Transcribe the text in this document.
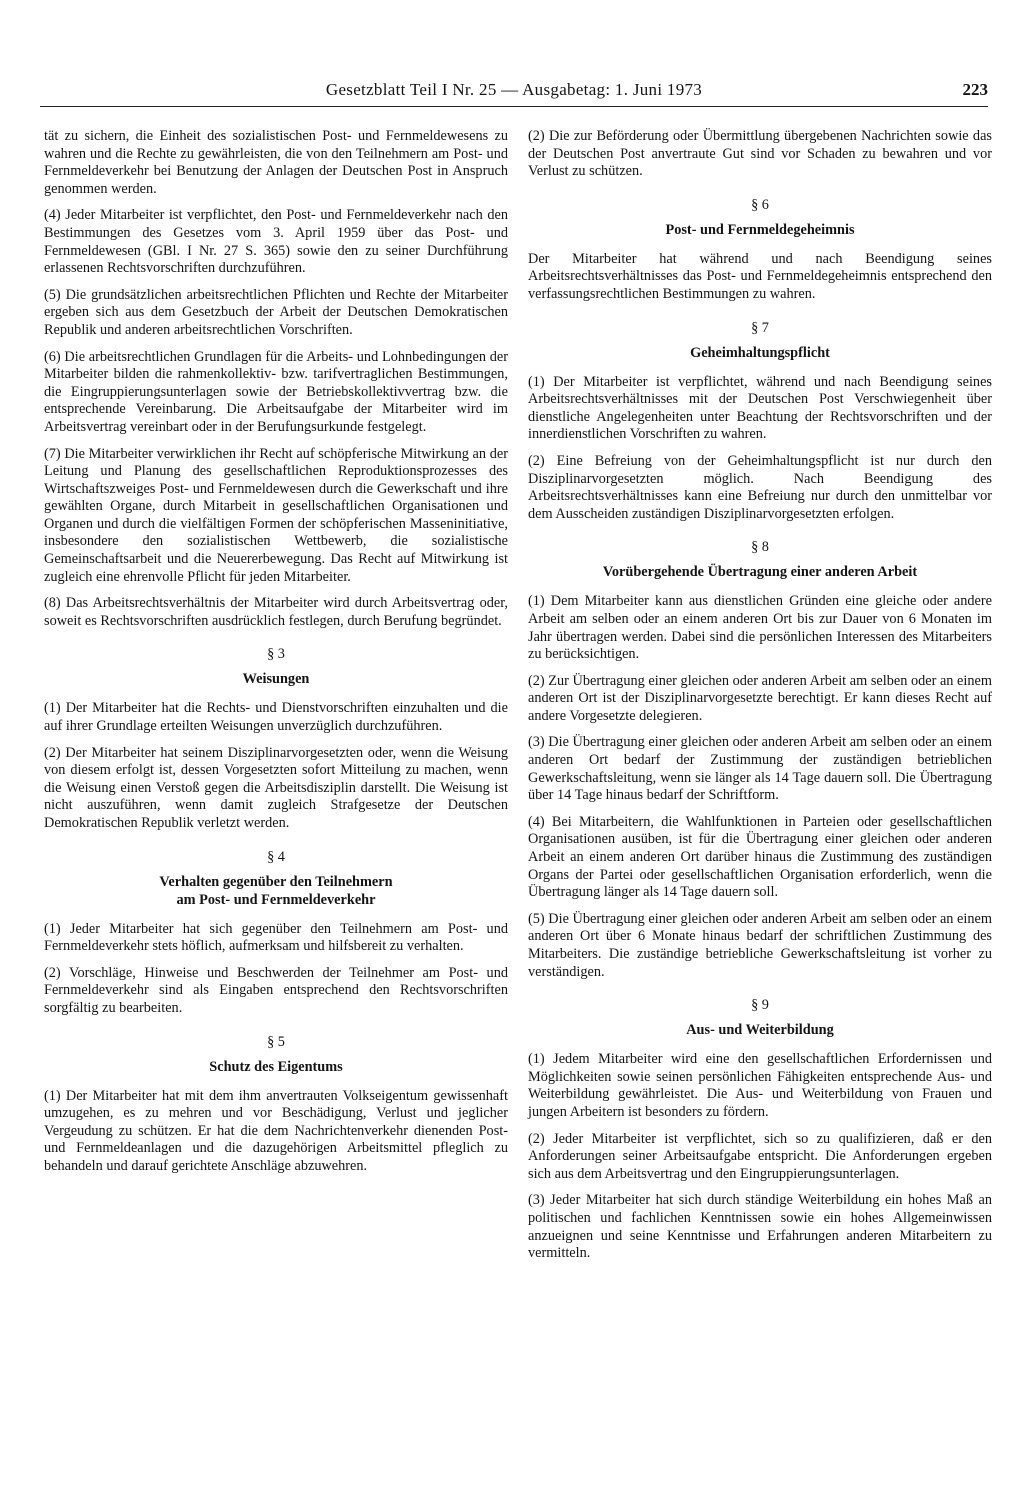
Gesetzblatt Teil I Nr. 25 — Ausgabetag: 1. Juni 1973	223

tät zu sichern, die Einheit des sozialistischen Post- und Fernmeldewesens zu wahren und die Rechte zu gewährleisten, die von den Teilnehmern am Post- und Fernmeldeverkehr bei Benutzung der Anlagen der Deutschen Post in Anspruch genommen werden.

(4) Jeder Mitarbeiter ist verpflichtet, den Post- und Fernmeldeverkehr nach den Bestimmungen des Gesetzes vom 3. April 1959 über das Post- und Fernmeldewesen (GBl. I Nr. 27 S. 365) sowie den zu seiner Durchführung erlassenen Rechtsvorschriften durchzuführen.

(5) Die grundsätzlichen arbeitsrechtlichen Pflichten und Rechte der Mitarbeiter ergeben sich aus dem Gesetzbuch der Arbeit der Deutschen Demokratischen Republik und anderen arbeitsrechtlichen Vorschriften.

(6) Die arbeitsrechtlichen Grundlagen für die Arbeits- und Lohnbedingungen der Mitarbeiter bilden die rahmenkollektiv- bzw. tarifvertraglichen Bestimmungen, die Eingruppierungsunterlagen sowie der Betriebskollektivvertrag bzw. die entsprechende Vereinbarung. Die Arbeitsaufgabe der Mitarbeiter wird im Arbeitsvertrag vereinbart oder in der Berufungsurkunde festgelegt.

(7) Die Mitarbeiter verwirklichen ihr Recht auf schöpferische Mitwirkung an der Leitung und Planung des gesellschaftlichen Reproduktionsprozesses des Wirtschaftszweiges Post- und Fernmeldewesen durch die Gewerkschaft und ihre gewählten Organe, durch Mitarbeit in gesellschaftlichen Organisationen und Organen und durch die vielfältigen Formen der schöpferischen Masseninitiative, insbesondere den sozialistischen Wettbewerb, die sozialistische Gemeinschaftsarbeit und die Neuererbewegung. Das Recht auf Mitwirkung ist zugleich eine ehrenvolle Pflicht für jeden Mitarbeiter.

(8) Das Arbeitsrechtsverhältnis der Mitarbeiter wird durch Arbeitsvertrag oder, soweit es Rechtsvorschriften ausdrücklich festlegen, durch Berufung begründet.

§ 3
Weisungen

(1) Der Mitarbeiter hat die Rechts- und Dienstvorschriften einzuhalten und die auf ihrer Grundlage erteilten Weisungen unverzüglich durchzuführen.

(2) Der Mitarbeiter hat seinem Disziplinarvorgesetzten oder, wenn die Weisung von diesem erfolgt ist, dessen Vorgesetzten sofort Mitteilung zu machen, wenn die Weisung einen Verstoß gegen die Arbeitsdisziplin darstellt. Die Weisung ist nicht auszuführen, wenn damit zugleich Strafgesetze der Deutschen Demokratischen Republik verletzt werden.

§ 4
Verhalten gegenüber den Teilnehmern
am Post- und Fernmeldeverkehr

(1) Jeder Mitarbeiter hat sich gegenüber den Teilnehmern am Post- und Fernmeldeverkehr stets höflich, aufmerksam und hilfsbereit zu verhalten.

(2) Vorschläge, Hinweise und Beschwerden der Teilnehmer am Post- und Fernmeldeverkehr sind als Eingaben entsprechend den Rechtsvorschriften sorgfältig zu bearbeiten.

§ 5
Schutz des Eigentums

(1) Der Mitarbeiter hat mit dem ihm anvertrauten Volkseigentum gewissenhaft umzugehen, es zu mehren und vor Beschädigung, Verlust und jeglicher Vergeudung zu schützen. Er hat die dem Nachrichtenverkehr dienenden Post- und Fernmeldeanlagen und die dazugehörigen Arbeitsmittel pfleglich zu behandeln und darauf gerichtete Anschläge abzuwehren.

(2) Die zur Beförderung oder Übermittlung übergebenen Nachrichten sowie das der Deutschen Post anvertraute Gut sind vor Schaden zu bewahren und vor Verlust zu schützen.

§ 6
Post- und Fernmeldegeheimnis

Der Mitarbeiter hat während und nach Beendigung seines Arbeitsrechtsverhältnisses das Post- und Fernmeldegeheimnis entsprechend den verfassungsrechtlichen Bestimmungen zu wahren.

§ 7
Geheimhaltungspflicht

(1) Der Mitarbeiter ist verpflichtet, während und nach Beendigung seines Arbeitsrechtsverhältnisses mit der Deutschen Post Verschwiegenheit über dienstliche Angelegenheiten unter Beachtung der Rechtsvorschriften und der innerdienstlichen Vorschriften zu wahren.

(2) Eine Befreiung von der Geheimhaltungspflicht ist nur durch den Disziplinarvorgesetzten möglich. Nach Beendigung des Arbeitsrechtsverhältnisses kann eine Befreiung nur durch den unmittelbar vor dem Ausscheiden zuständigen Disziplinarvorgesetzten erfolgen.

§ 8
Vorübergehende Übertragung einer anderen Arbeit

(1) Dem Mitarbeiter kann aus dienstlichen Gründen eine gleiche oder andere Arbeit am selben oder an einem anderen Ort bis zur Dauer von 6 Monaten im Jahr übertragen werden. Dabei sind die persönlichen Interessen des Mitarbeiters zu berücksichtigen.

(2) Zur Übertragung einer gleichen oder anderen Arbeit am selben oder an einem anderen Ort ist der Disziplinarvorgesetzte berechtigt. Er kann dieses Recht auf andere Vorgesetzte delegieren.

(3) Die Übertragung einer gleichen oder anderen Arbeit am selben oder an einem anderen Ort bedarf der Zustimmung der zuständigen betrieblichen Gewerkschaftsleitung, wenn sie länger als 14 Tage dauern soll. Die Übertragung über 14 Tage hinaus bedarf der Schriftform.

(4) Bei Mitarbeitern, die Wahlfunktionen in Parteien oder gesellschaftlichen Organisationen ausüben, ist für die Übertragung einer gleichen oder anderen Arbeit an einem anderen Ort darüber hinaus die Zustimmung des zuständigen Organs der Partei oder gesellschaftlichen Organisation erforderlich, wenn die Übertragung länger als 14 Tage dauern soll.

(5) Die Übertragung einer gleichen oder anderen Arbeit am selben oder an einem anderen Ort über 6 Monate hinaus bedarf der schriftlichen Zustimmung des Mitarbeiters. Die zuständige betriebliche Gewerkschaftsleitung ist vorher zu verständigen.

§ 9
Aus- und Weiterbildung

(1) Jedem Mitarbeiter wird eine den gesellschaftlichen Erfordernissen und Möglichkeiten sowie seinen persönlichen Fähigkeiten entsprechende Aus- und Weiterbildung gewährleistet. Die Aus- und Weiterbildung von Frauen und jungen Arbeitern ist besonders zu fördern.

(2) Jeder Mitarbeiter ist verpflichtet, sich so zu qualifizieren, daß er den Anforderungen seiner Arbeitsaufgabe entspricht. Die Anforderungen ergeben sich aus dem Arbeitsvertrag und den Eingruppierungsunterlagen.

(3) Jeder Mitarbeiter hat sich durch ständige Weiterbildung ein hohes Maß an politischen und fachlichen Kenntnissen sowie ein hohes Allgemeinwissen anzueignen und seine Kenntnisse und Erfahrungen anderen Mitarbeitern zu vermitteln.
